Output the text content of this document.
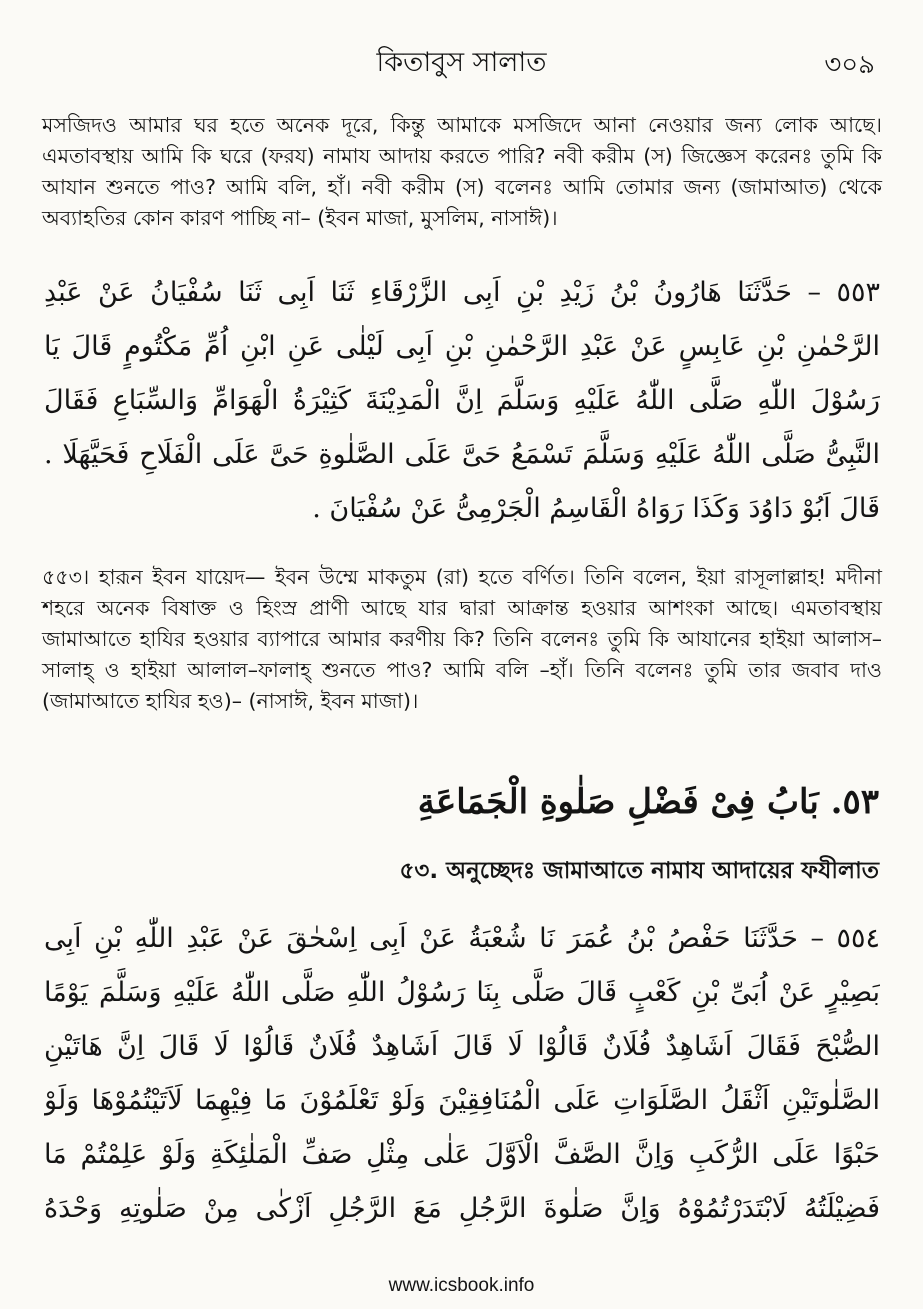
কিতাবুস সালাত	৩০৯
মসজিদও আমার ঘর হতে অনেক দূরে, কিন্তু আমাকে মসজিদে আনা নেওয়ার জন্য লোক আছে। এমতাবস্থায় আমি কি ঘরে (ফরয) নামায আদায় করতে পারি? নবী করীম (স) জিজ্ঞেস করেনঃ তুমি কি আযান শুনতে পাও? আমি বলি, হাঁ। নবী করীম (স) বলেনঃ আমি তোমার জন্য (জামাআত) থেকে অব্যাহতির কোন কারণ পাচ্ছি না– (ইবন মাজা, মুসলিম, নাসাঈ)।
٥٥٣ – حَدَّثَنَا هَارُونُ بْنُ زَيْدِ بْنِ اَبِى الزَّرْقَاءِ ثَنَا اَبِى ثَنَا سُفْيَانُ عَنْ عَبْدِ
الرَّحْمٰنِ بْنِ عَابِسٍ عَنْ عَبْدِ الرَّحْمٰنِ بْنِ اَبِى لَيْلٰى عَنِ ابْنِ اُمِّ مَكْتُومٍ قَالَ يَا
رَسُوْلَ اللّٰهِ صَلَّى اللّٰهُ عَلَيْهِ وَسَلَّمَ اِنَّ الْمَدِيْنَةَ كَثِيْرَةُ الْهَوَامِّ وَالسِّبَاعِ فَقَالَ
النَّبِىُّ صَلَّى اللّٰهُ عَلَيْهِ وَسَلَّمَ تَسْمَعُ حَىَّ عَلَى الصَّلٰوةِ حَىَّ عَلَى الْفَلَاحِ فَحَيَّهَلَا .
قَالَ اَبُوْ دَاوُدَ وَكَذَا رَوَاهُ الْقَاسِمُ الْجَرْمِىُّ عَنْ سُفْيَانَ .
৫৫৩। হারূন ইবন যায়েদ— ইবন উম্মে মাকতুম (রা) হতে বর্ণিত। তিনি বলেন, ইয়া রাসূলাল্লাহ! মদীনা শহরে অনেক বিষাক্ত ও হিংস্র প্রাণী আছে যার দ্বারা আক্রান্ত হওয়ার আশংকা আছে। এমতাবস্থায় জামাআতে হাযির হওয়ার ব্যাপারে আমার করণীয় কি? তিনি বলেনঃ তুমি কি আযানের হাইয়া আলাস–সালাহ্ ও হাইয়া আলাল–ফালাহ্ শুনতে পাও? আমি বলি –হাঁ। তিনি বলেনঃ তুমি তার জবাব দাও (জামাআতে হাযির হও)– (নাসাঈ, ইবন মাজা)।
٥٣. بَابُ فِىْ فَضْلِ صَلٰوةِ الْجَمَاعَةِ
৫৩. অনুচ্ছেদঃ জামাআতে নামায আদায়ের ফযীলাত
٥٥٤ – حَدَّثَنَا حَفْصُ بْنُ عُمَرَ نَا شُعْبَةُ عَنْ اَبِى اِسْحٰقَ عَنْ عَبْدِ اللّٰهِ بْنِ اَبِى
بَصِيْرٍ عَنْ اُبَىِّ بْنِ كَعْبٍ قَالَ صَلَّى بِنَا رَسُوْلُ اللّٰهِ صَلَّى اللّٰهُ عَلَيْهِ وَسَلَّمَ يَوْمًا
الصُّبْحَ فَقَالَ اَشَاهِدٌ فُلَانٌ قَالُوْا لَا قَالَ اَشَاهِدٌ فُلَانٌ قَالُوْا لَا قَالَ اِنَّ هَاتَيْنِ
الصَّلٰوتَيْنِ اَثْقَلُ الصَّلَوَاتِ عَلَى الْمُنَافِقِيْنَ وَلَوْ تَعْلَمُوْنَ مَا فِيْهِمَا لَاَتَيْتُمُوْهَا وَلَوْ
حَبْوًا عَلَى الرُّكَبِ وَاِنَّ الصَّفَّ الْاَوَّلَ عَلٰى مِثْلِ صَفِّ الْمَلٰئِكَةِ وَلَوْ عَلِمْتُمْ مَا
فَضِيْلَتُهُ لَابْتَدَرْتُمُوْهُ وَاِنَّ صَلٰوةَ الرَّجُلِ مَعَ الرَّجُلِ اَزْكٰى مِنْ صَلٰوتِهِ وَحْدَهُ
www.icsbook.info
